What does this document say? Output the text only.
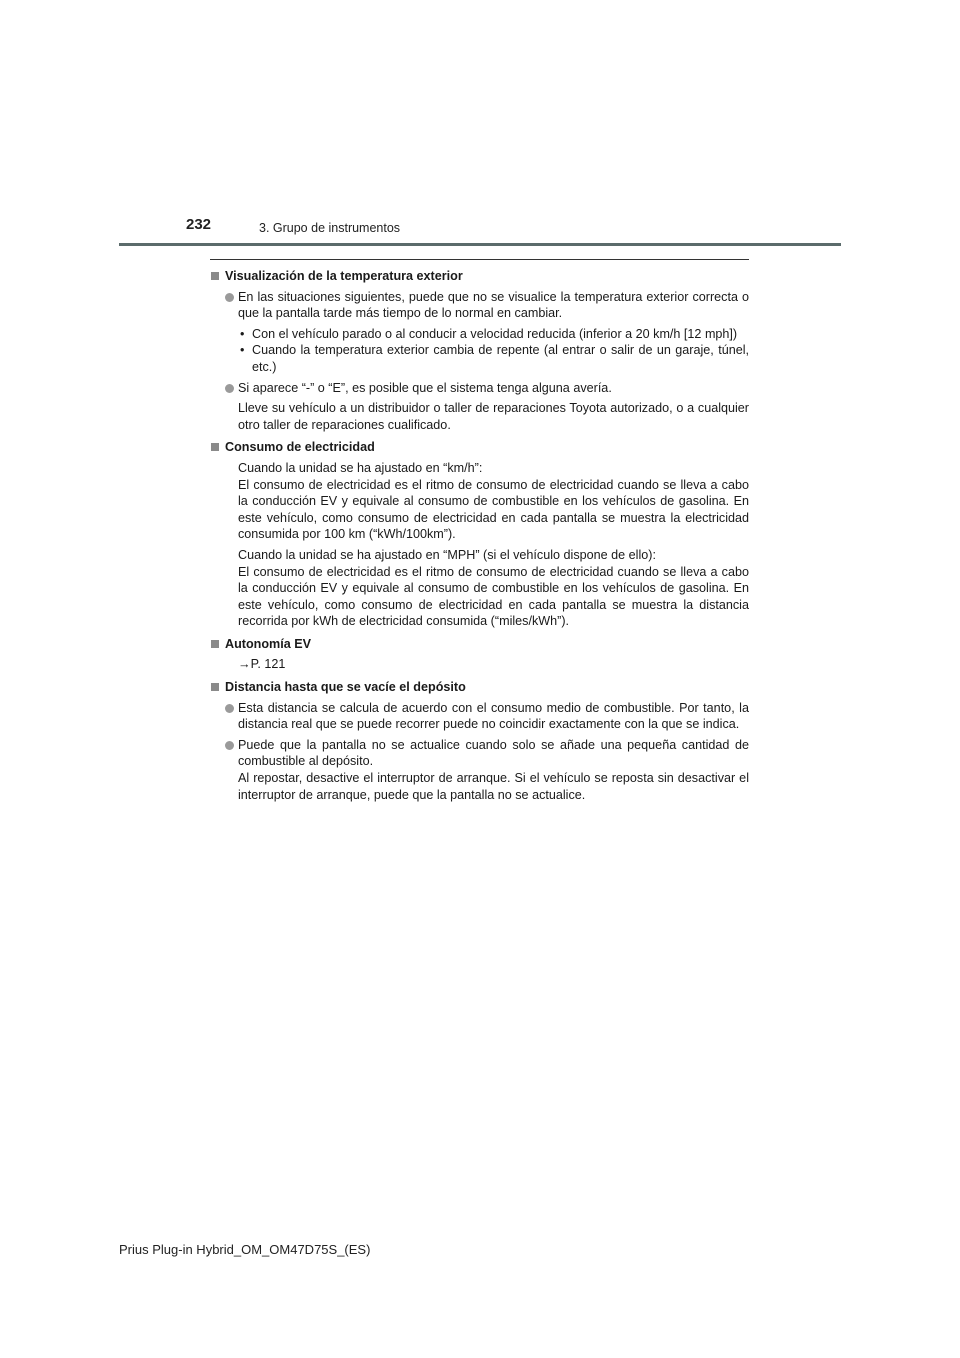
232	3. Grupo de instrumentos
Visualización de la temperatura exterior
En las situaciones siguientes, puede que no se visualice la temperatura exterior correcta o que la pantalla tarde más tiempo de lo normal en cambiar.
• Con el vehículo parado o al conducir a velocidad reducida (inferior a 20 km/h [12 mph])
• Cuando la temperatura exterior cambia de repente (al entrar o salir de un garaje, túnel, etc.)
Si aparece “-” o “E”, es posible que el sistema tenga alguna avería.
Lleve su vehículo a un distribuidor o taller de reparaciones Toyota autorizado, o a cualquier otro taller de reparaciones cualificado.
Consumo de electricidad
Cuando la unidad se ha ajustado en “km/h”:
El consumo de electricidad es el ritmo de consumo de electricidad cuando se lleva a cabo la conducción EV y equivale al consumo de combustible en los vehículos de gasolina. En este vehículo, como consumo de electricidad en cada pantalla se muestra la electricidad consumida por 100 km (“kWh/100km”).
Cuando la unidad se ha ajustado en “MPH” (si el vehículo dispone de ello):
El consumo de electricidad es el ritmo de consumo de electricidad cuando se lleva a cabo la conducción EV y equivale al consumo de combustible en los vehículos de gasolina. En este vehículo, como consumo de electricidad en cada pantalla se muestra la distancia recorrida por kWh de electricidad consumida (“miles/kWh”).
Autonomía EV
→P. 121
Distancia hasta que se vacíe el depósito
Esta distancia se calcula de acuerdo con el consumo medio de combustible. Por tanto, la distancia real que se puede recorrer puede no coincidir exactamente con la que se indica.
Puede que la pantalla no se actualice cuando solo se añade una pequeña cantidad de combustible al depósito.
Al repostar, desactive el interruptor de arranque. Si el vehículo se reposta sin desactivar el interruptor de arranque, puede que la pantalla no se actualice.
Prius Plug-in Hybrid_OM_OM47D75S_(ES)
